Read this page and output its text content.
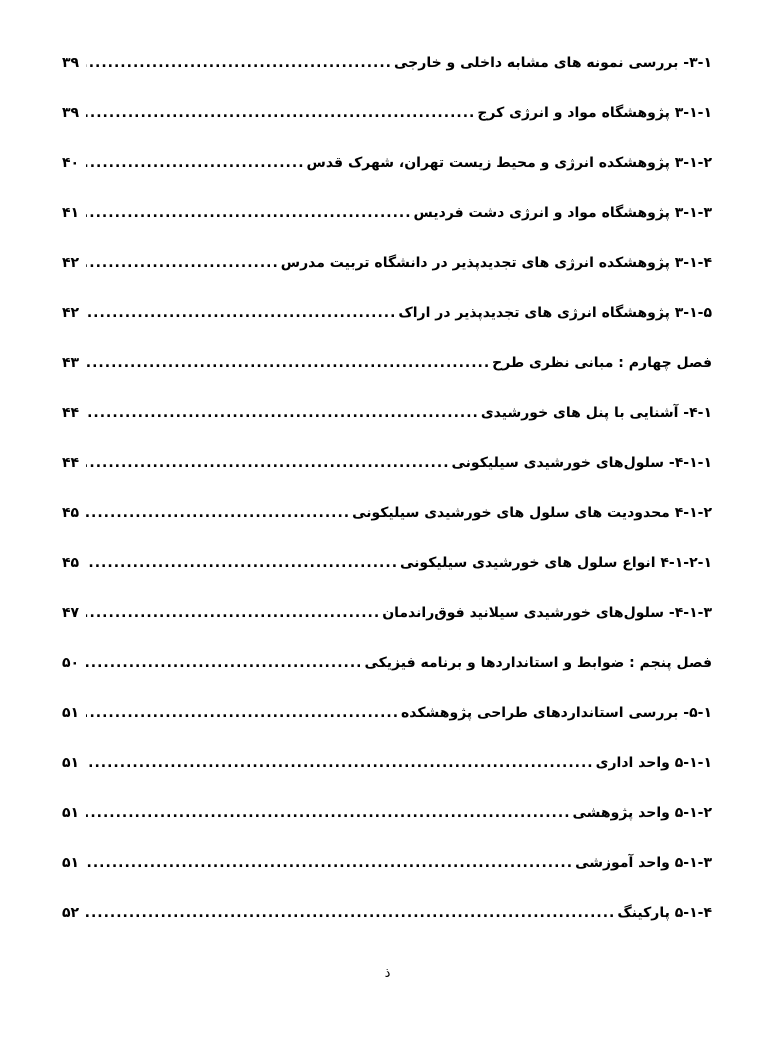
۳-۱- بررسی نمونه های مشابه داخلی و خارجی
.....
۳۹
۳-۱-۱ پژوهشگاه مواد و انرژی کرج
.....
۳۹
۳-۱-۲ پژوهشکده انرژی و محیط زیست تهران، شهرک قدس
.....
۴۰
۳-۱-۳ پژوهشگاه مواد و انرژی دشت فردیس
.....
۴۱
۳-۱-۴ پژوهشکده انرژی های تجدیدپذیر در دانشگاه تربیت مدرس
.....
۴۲
۳-۱-۵ پژوهشگاه انرژی های تجدیدپذیر در اراک
.....
۴۲
فصل چهارم : مبانی نظری طرح
.....
۴۳
۴-۱- آشنایی با پنل های خورشیدی
.....
۴۴
۴-۱-۱- سلول‌های خورشیدی سیلیکونی
.....
۴۴
۴-۱-۲ محدودیت های سلول های خورشیدی سیلیکونی
.....
۴۵
۴-۱-۲-۱ انواع سلول های خورشیدی سیلیکونی
.....
۴۵
۴-۱-۳- سلول‌های خورشیدی سیلانید فوق‌راندمان
.....
۴۷
فصل پنجم : ضوابط و استانداردها و برنامه فیزیکی
.....
۵۰
۵-۱- بررسی استانداردهای طراحی پژوهشکده
.....
۵۱
۵-۱-۱ واحد اداری
.....
۵۱
۵-۱-۲ واحد پژوهشی
.....
۵۱
۵-۱-۳ واحد آموزشی
.....
۵۱
۵-۱-۴ پارکینگ
.....
۵۲
ذ
